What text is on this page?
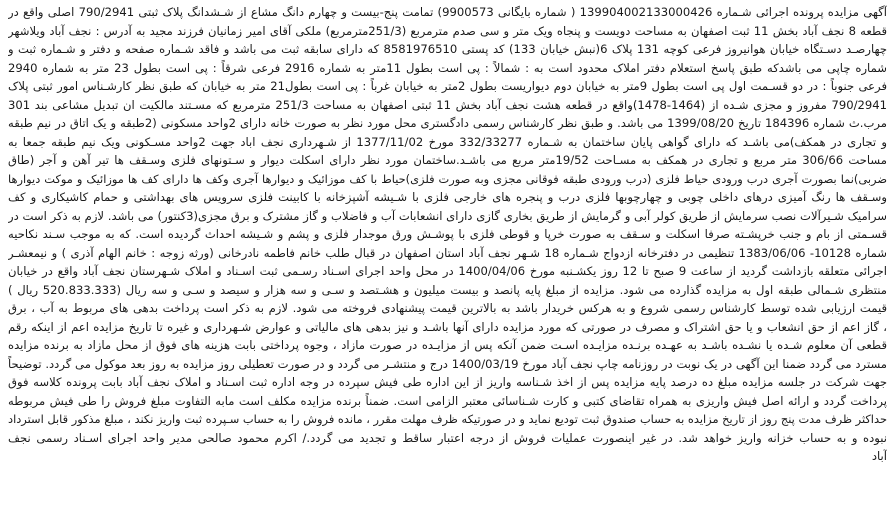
آگهی مزایده پرونده اجرائی شـماره 139904002133000426 ( شماره بایگانی 9900573) تمامت پنج-بیست و چهارم دانگ مشاع از شـشدانگ پلاک ثبتی 790/2941 اصلی واقع در
قطعه 8 نجف آباد بخش 11 ثبت اصفهان به مساحت دویست و پنجاه ویک متر و سی صدم مترمربع (251/3مترمربع) ملکی آقای امیر زمانیان فرزند مجید به آدرس : نجف آباد ویلاشهر
چهارصـد دسـتگاه خیابان هوانیروز فرعی کوچه 131 پلاک 6(نبش خیابان 133) کد پستی 8581976510 که دارای سابقه ثبت می باشد و فاقد شـماره صفحه و دفتر و شـماره ثبت و
شماره چاپی می باشدکه طبق پاسخ استعلام دفتر املاک محدود است به : شمالاً : پی است بطول 11متر به شماره 2916 فرعی شرقاً : پی است بطول 23 متر به شماره 2940
فرعی جنوباً : در دو قسـمت اول پی است بطول 9متر به خیابان دوم دیواریست بطول 2متر به خیابان غرباً : پی است بطول21 متر به خیابان که طبق نظر کارشـناس امور ثبتی پلاک
790/2941 مفروز و مجزی شـده از (1464-1478)واقع در قطعه هشت نجف آباد بخش 11 ثبتی اصفهان به مساحت 251/3 مترمربع که مسـتند مالکیت ان تبدیل مشاعی بند 301
مرب.ث شماره 184396 تاریخ 1399/08/20 می باشد. و طبق نظر کارشناس رسمی دادگستری محل مورد نظر به صورت خانه دارای 2واحد مسکونی (2طبقه و یک اتاق در نیم طبقه
و تجاری در همکف)می باشـد که دارای گواهی پایان ساختمان به شـماره 332/33277 مورخ 1377/11/02 از شـهرداری نجف اباد جهت 2واحد مسـکونی ویک نیم طبقه جمعا به
مساحت 306/66 متر مربع و تجاری در همکف به مسـاحت 19/52متر مربع می باشـد.ساختمان مورد نظر دارای اسکلت دیوار و سـتونهای فلزی وسـقف ها تیر آهن و آجر (طاق
ضربی)نما بصورت آجری درب ورودی حیاط فلزی (درب ورودی طبقه فوقانی مجزی وبه صورت فلزی)حیاط با کف موزائیک و دیوارها آجری وکف ها دارای کف ها موزائیک و موکت دیوارها
وسـقف ها رنگ آمیزی درهای داخلی چوبی و چهارچوبها فلزی درب و پنجره های خارجی فلزی با شـیشه آشپزخانه با کابینت فلزی سرویس های بهداشتی و حمام کاشیکاری و کف
سرامیک شـیرآلات نصب سرمایش از طریق کولر آبی و گرمایش از طریق بخاری گازی دارای انشعابات آب و فاضلاب و گاز مشترک و برق مجزی(3کنتور) می باشد. لازم به ذکر است در
قسـمتی از بام و جنب خرپشـته صرفا اسکلت و سـقف به صورت خرپا و قوطی فلزی با پوشـش ورق موجدار فلزی و پشم و شـیشه احداث گردیده است. که به موجب سـند نکاحیه
شماره 10128- 1383/06/06 تنظیمی در دفترخانه ازدواج شـماره 18 شـهر نجف آباد استان اصفهان در قبال طلب خانم فاطمه نادرخانی (ورثه زوجه : خانم الهام آذری ) و نیمعشـر
اجرائی متعلقه بازداشت گردید از ساعت 9 صبح تا 12 روز یکشـنبه مورخ 1400/04/06 در محل واحد اجرای اسـناد رسـمی ثبت اسـناد و املاک شـهرستان نجف آباد واقع در خیابان
منتظری شـمالی طبقه اول به مزایده گذارده می شود. مزایده از مبلغ پایه پانصد و بیست میلیون و هشـتصد و سـی و سه هزار و سیصد و سـی و سه ریال (520.833.333 ریال )
قیمت ارزیابی شده توسط کارشناس رسمی شروع و به هرکس خریدار باشد به بالاترین قیمت پیشنهادی فروخته می شود. لازم به ذکر است پرداخت بدهی های مربوط به آب ، برق
، گاز اعم از حق انشعاب و یا حق اشتراک و مصرف در صورتی که مورد مزایده دارای آنها باشـد و نیز بدهی های مالیاتی و عوارض شـهرداری و غیره تا تاریخ مزایده اعم از اینکه رقم
قطعی آن معلوم شـده یا نشـده باشـد به عهـده برنـده مزایـده اسـت ضمن آنکه پس از مزایـده در صورت مازاد ، وجوه پرداختی بابت هزینه های فوق از محل مازاد به برنده مزایده
مسترد می گردد ضمنا این آگهی در یک نوبت در روزنامه چاپ نجف آباد مورخ 1400/03/19 درج و منتشـر می گردد و در صورت تعطیلی روز مزایده به روز بعد موکول می گردد. توضیحاً
جهت شرکت در جلسه مزایده مبلغ ده درصد پایه مزایده پس از اخذ شـناسه واریز از این اداره طی فیش سپرده در وجه اداره ثبت اسـناد و املاک نجف آباد بابت پرونده کلاسه فوق
پرداخت گردد و ارائه اصل فیش واریزی به همراه تقاضای کتبی و کارت شـناسائی معتبر الزامی است. ضمناً برنده مزایده مکلف است مابه التفاوت مبلغ فروش را طی فیش مربوطه
حداکثر ظرف مدت پنج روز از تاریخ مزایده به حساب صندوق ثبت تودیع نماید و در صورتیکه ظرف مهلت مقرر ، مانده فروش را به حساب سـپرده ثبت واریز نکند ، مبلغ مذکور قابل استرداد
نبوده و به حساب خزانه واریز خواهد شد. در غیر اینصورت عملیات فروش از درجه اعتبار ساقط و تجدید می گردد./ اکرم محمود صالحی مدیر واحد اجرای اسـناد رسمی نجف
آباد
